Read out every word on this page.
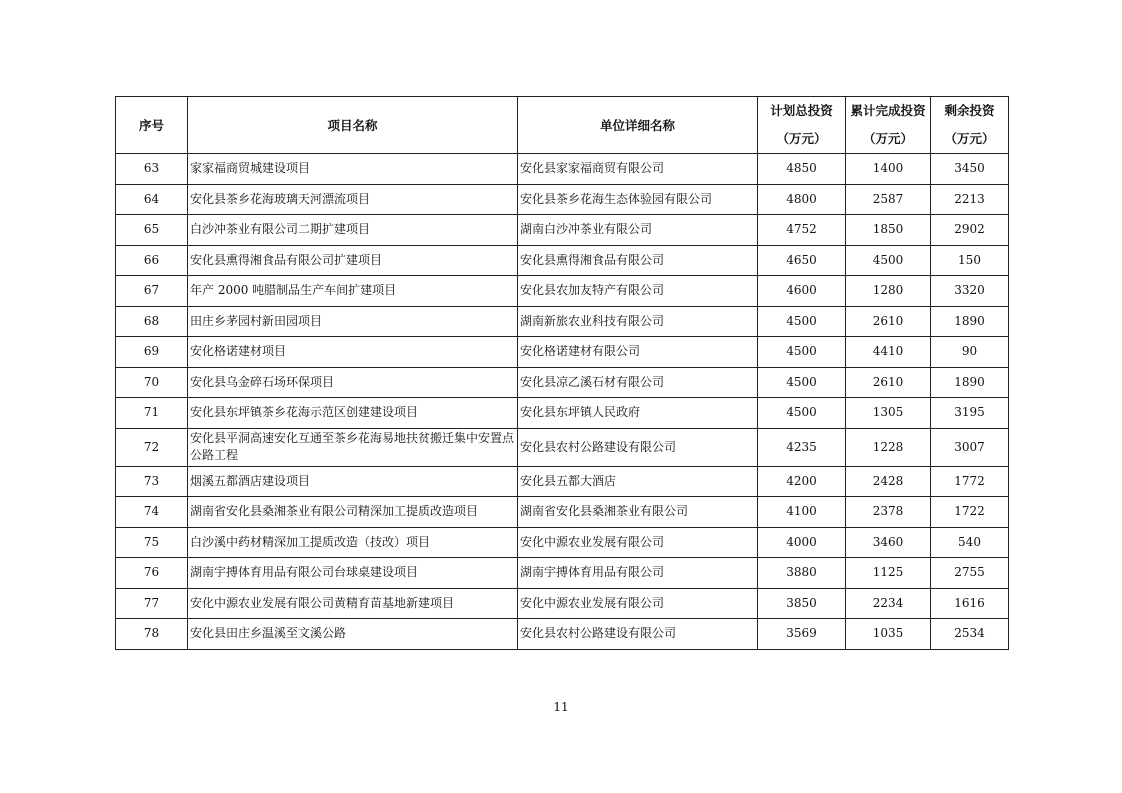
序号	项目名称	单位详细名称	计划总投资（万元）	累计完成投资（万元）	剩余投资（万元）
63	家家福商贸城建设项目	安化县家家福商贸有限公司	4850	1400	3450
64	安化县茶乡花海玻璃天河漂流项目	安化县茶乡花海生态体验园有限公司	4800	2587	2213
65	白沙冲茶业有限公司二期扩建项目	湖南白沙冲茶业有限公司	4752	1850	2902
66	安化县熏得湘食品有限公司扩建项目	安化县熏得湘食品有限公司	4650	4500	150
67	年产 2000 吨腊制品生产车间扩建项目	安化县农加友特产有限公司	4600	1280	3320
68	田庄乡茅园村新田园项目	湖南新旅农业科技有限公司	4500	2610	1890
69	安化格诺建材项目	安化格诺建材有限公司	4500	4410	90
70	安化县乌金碎石场环保项目	安化县凉乙溪石材有限公司	4500	2610	1890
71	安化县东坪镇茶乡花海示范区创建建设项目	安化县东坪镇人民政府	4500	1305	3195
72	安化县平洞高速安化互通至茶乡花海易地扶贫搬迁集中安置点公路工程	安化县农村公路建设有限公司	4235	1228	3007
73	烟溪五都酒店建设项目	安化县五都大酒店	4200	2428	1772
74	湖南省安化县桑湘茶业有限公司精深加工提质改造项目	湖南省安化县桑湘茶业有限公司	4100	2378	1722
75	白沙溪中药材精深加工提质改造（技改）项目	安化中源农业发展有限公司	4000	3460	540
76	湖南宇搏体育用品有限公司台球桌建设项目	湖南宇搏体育用品有限公司	3880	1125	2755
77	安化中源农业发展有限公司黄精育苗基地新建项目	安化中源农业发展有限公司	3850	2234	1616
78	安化县田庄乡温溪至文溪公路	安化县农村公路建设有限公司	3569	1035	2534
11
